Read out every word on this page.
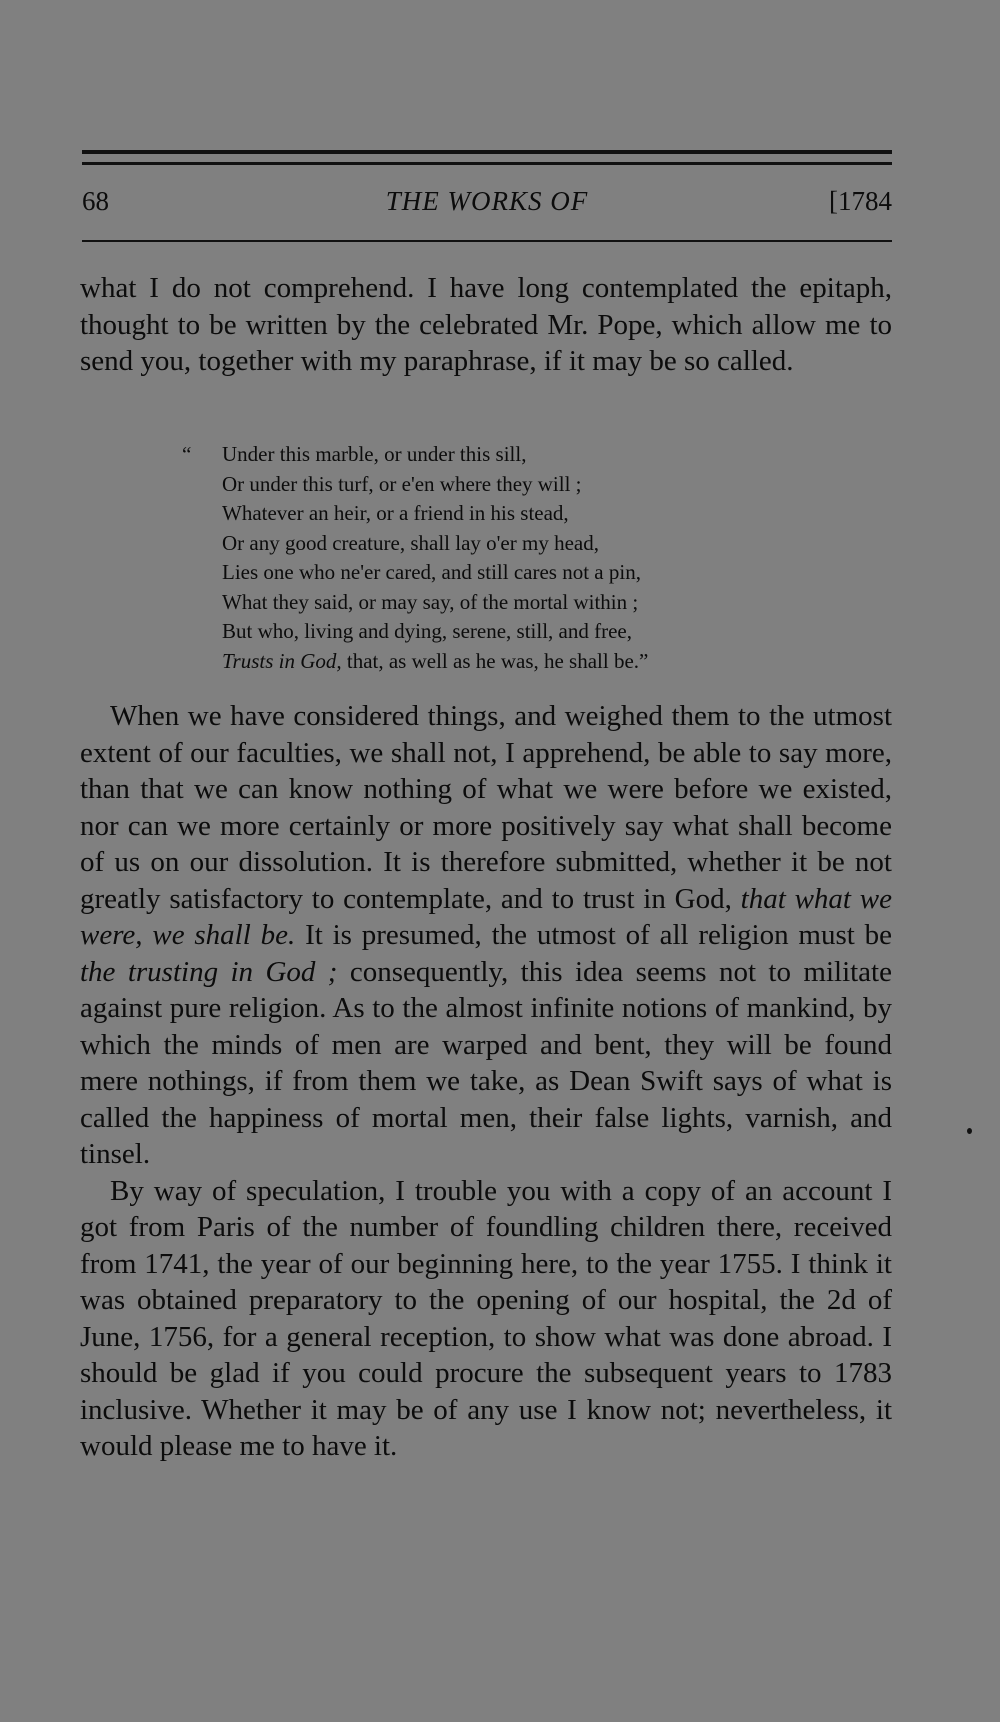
68	THE WORKS OF	[1784

what I do not comprehend. I have long contemplated the epitaph, thought to be written by the celebrated Mr. Pope, which allow me to send you, together with my paraphrase, if it may be so called.

“ Under this marble, or under this sill,
Or under this turf, or e'en where they will ;
Whatever an heir, or a friend in his stead,
Or any good creature, shall lay o'er my head,
Lies one who ne'er cared, and still cares not a pin,
What they said, or may say, of the mortal within ;
But who, living and dying, serene, still, and free,
Trusts in God, that, as well as he was, he shall be.”

When we have considered things, and weighed them to the utmost extent of our faculties, we shall not, I apprehend, be able to say more, than that we can know nothing of what we were before we existed, nor can we more certainly or more positively say what shall become of us on our dissolution. It is therefore submitted, whether it be not greatly satisfactory to contemplate, and to trust in God, that what we were, we shall be. It is presumed, the utmost of all religion must be the trusting in God ; consequently, this idea seems not to militate against pure religion. As to the almost infinite notions of mankind, by which the minds of men are warped and bent, they will be found mere nothings, if from them we take, as Dean Swift says of what is called the happiness of mortal men, their false lights, varnish, and tinsel.

By way of speculation, I trouble you with a copy of an account I got from Paris of the number of foundling children there, received from 1741, the year of our beginning here, to the year 1755. I think it was obtained preparatory to the opening of our hospital, the 2d of June, 1756, for a general reception, to show what was done abroad. I should be glad if you could procure the subsequent years to 1783 inclusive. Whether it may be of any use I know not; nevertheless, it would please me to have it.
